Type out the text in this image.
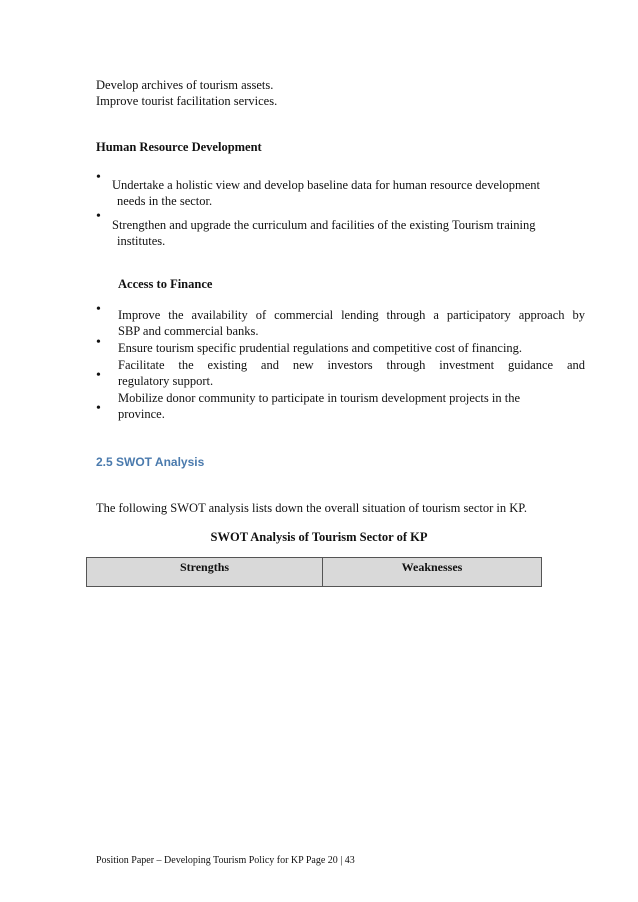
Develop archives of tourism assets.
Improve tourist facilitation services.
Human Resource Development
• Undertake a holistic view and develop baseline data for human resource development
needs in the sector.
•
Strengthen and upgrade the curriculum and facilities of the existing Tourism training
institutes.
Access to Finance
• Improve the availability of commercial lending through a participatory approach by
SBP and commercial banks.
• Ensure tourism specific prudential regulations and competitive cost of financing.
•
Facilitate the existing and new investors through investment guidance and
regulatory support.
•
Mobilize donor community to participate in tourism development projects in the
province.
2.5 SWOT Analysis
The following SWOT analysis lists down the overall situation of tourism sector in KP.
SWOT Analysis of Tourism Sector of KP
Strengths	Weaknesses
Position Paper – Developing Tourism Policy for KP Page 20 | 43
